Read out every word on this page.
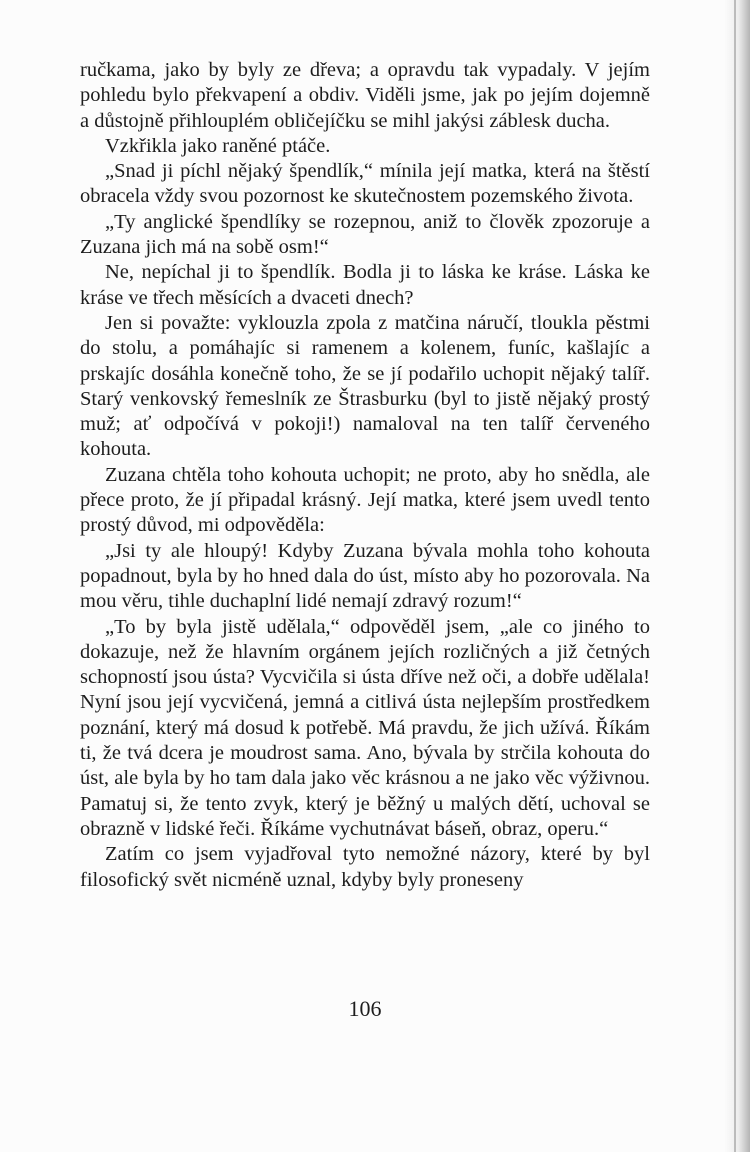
ručkama, jako by byly ze dřeva; a opravdu tak vypadaly. V jejím pohledu bylo překvapení a obdiv. Viděli jsme, jak po jejím dojemně a důstojně přihlouplém obličejíčku se mihl jakýsi záblesk ducha.

Vzkřikla jako raněné ptáče.

„Snad ji píchl nějaký špendlík,“ mínila její matka, která na štěstí obracela vždy svou pozornost ke skutečnostem pozemského života.

„Ty anglické špendlíky se rozepnou, aniž to člověk zpozoruje a Zuzana jich má na sobě osm!“

Ne, nepíchal ji to špendlík. Bodla ji to láska ke kráse. Láska ke kráse ve třech měsících a dvaceti dnech?

Jen si považte: vyklouzla zpola z matčina náručí, tloukla pěstmi do stolu, a pomáhajíc si ramenem a kolenem, funíc, kašlajíc a prskajíc dosáhla konečně toho, že se jí podařilo uchopit nějaký talíř. Starý venkovský řemeslník ze Štrasburku (byl to jistě nějaký prostý muž; ať odpočívá v pokoji!) namaloval na ten talíř červeného kohouta.

Zuzana chtěla toho kohouta uchopit; ne proto, aby ho snědla, ale přece proto, že jí připadal krásný. Její matka, které jsem uvedl tento prostý důvod, mi odpověděla:

„Jsi ty ale hloupý! Kdyby Zuzana bývala mohla toho kohouta popadnout, byla by ho hned dala do úst, místo aby ho pozorovala. Na mou věru, tihle duchaplní lidé nemají zdravý rozum!“

„To by byla jistě udělala,“ odpověděl jsem, „ale co jiného to dokazuje, než že hlavním orgánem jejích rozličných a již četných schopností jsou ústa? Vycvičila si ústa dříve než oči, a dobře udělala! Nyní jsou její vycvičená, jemná a citlivá ústa nejlepším prostředkem poznání, který má dosud k potřebě. Má pravdu, že jich užívá. Říkám ti, že tvá dcera je moudrost sama. Ano, bývala by strčila kohouta do úst, ale byla by ho tam dala jako věc krásnou a ne jako věc výživnou. Pamatuj si, že tento zvyk, který je běžný u malých dětí, uchoval se obrazně v lidské řeči. Říkáme vychutnávat báseň, obraz, operu.“

Zatím co jsem vyjadřoval tyto nemožné názory, které by byl filosofický svět nicméně uznal, kdyby byly proneseny

106
